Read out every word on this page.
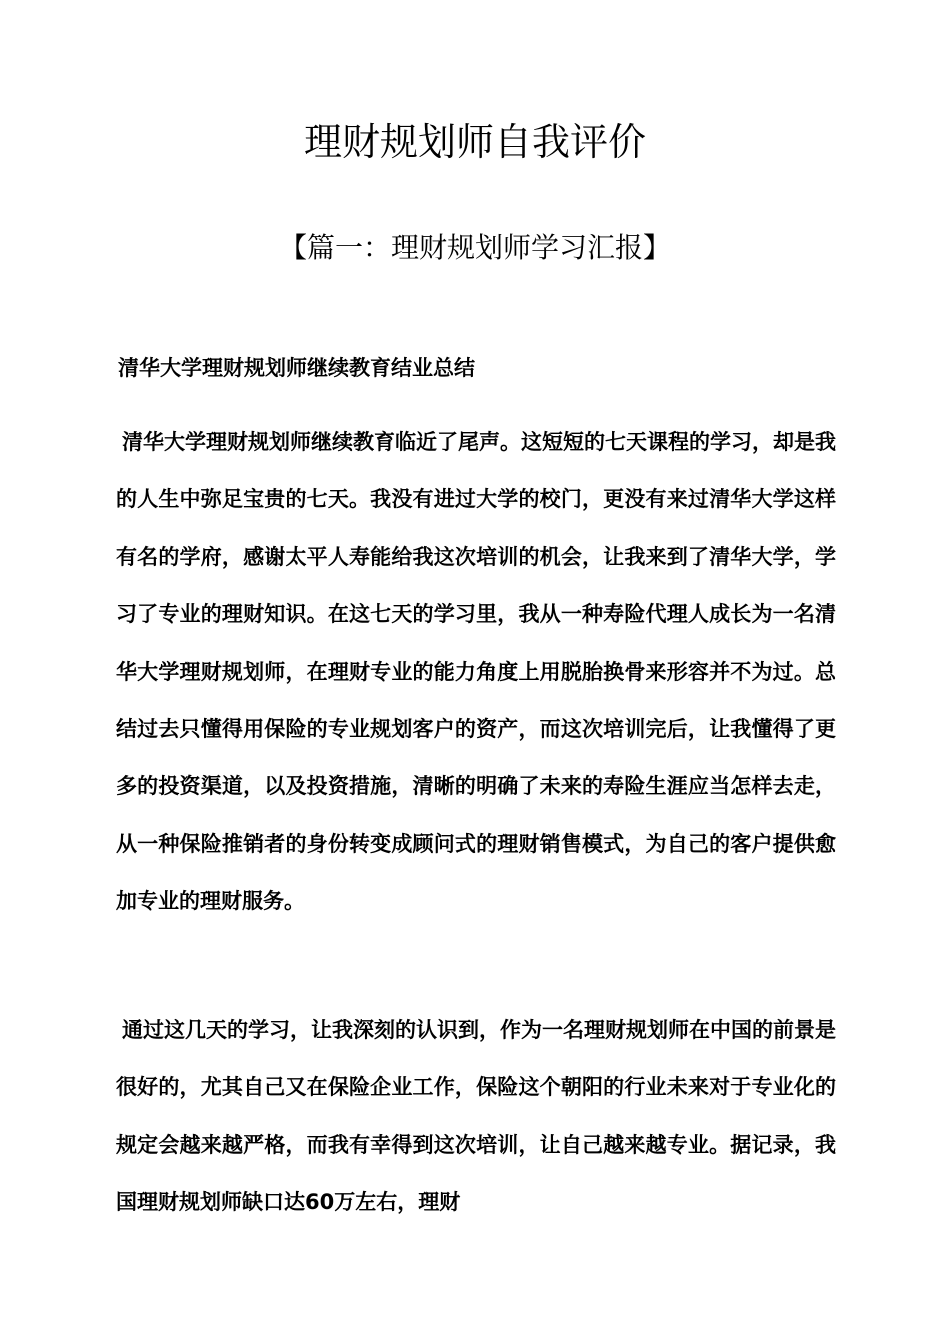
理财规划师自我评价
【篇一：理财规划师学习汇报】
清华大学理财规划师继续教育结业总结
清华大学理财规划师继续教育临近了尾声。这短短的七天课程的学习，却是我的人生中弥足宝贵的七天。我没有进过大学的校门，更没有来过清华大学这样有名的学府，感谢太平人寿能给我这次培训的机会，让我来到了清华大学，学习了专业的理财知识。在这七天的学习里，我从一种寿险代理人成长为一名清华大学理财规划师，在理财专业的能力角度上用脱胎换骨来形容并不为过。总结过去只懂得用保险的专业规划客户的资产，而这次培训完后，让我懂得了更多的投资渠道，以及投资措施，清晰的明确了未来的寿险生涯应当怎样去走，从一种保险推销者的身份转变成顾问式的理财销售模式，为自己的客户提供愈加专业的理财服务。
通过这几天的学习，让我深刻的认识到，作为一名理财规划师在中国的前景是很好的，尤其自己又在保险企业工作，保险这个朝阳的行业未来对于专业化的规定会越来越严格，而我有幸得到这次培训，让自己越来越专业。据记录，我国理财规划师缺口达60万左右，理财
